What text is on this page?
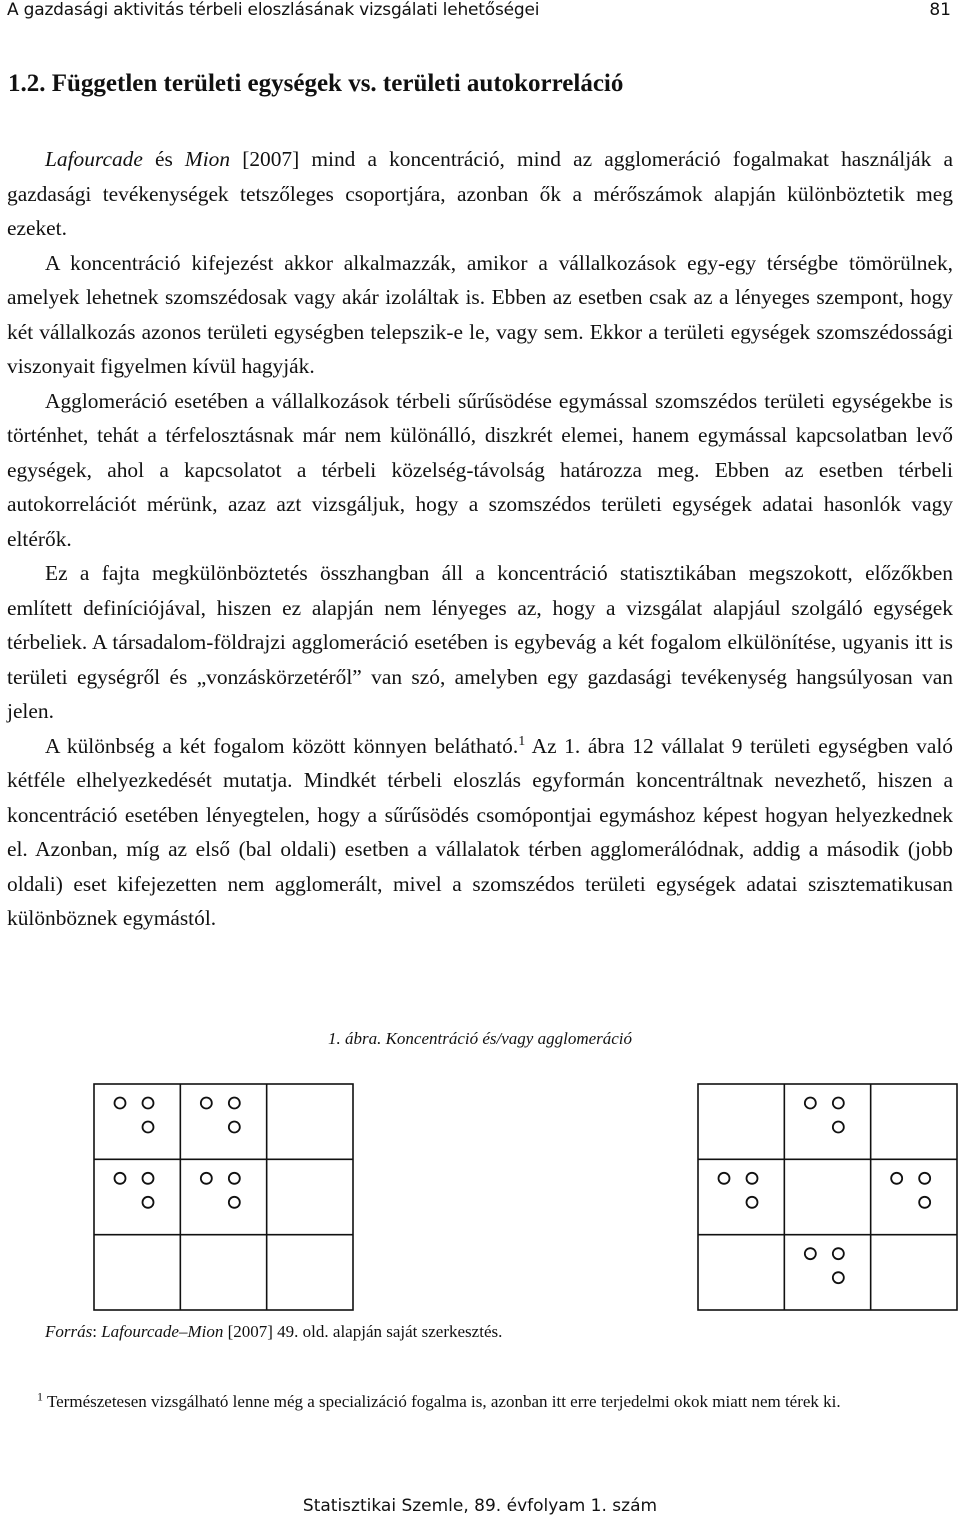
A gazdasági aktivitás térbeli eloszlásának vizsgálati lehetőségei	81
1.2. Független területi egységek vs. területi autokorreláció

Lafourcade és Mion [2007] mind a koncentráció, mind az agglomeráció fogalmakat használják a gazdasági tevékenységek tetszőleges csoportjára, azonban ők a mérőszámok alapján különböztetik meg ezeket.

A koncentráció kifejezést akkor alkalmazzák, amikor a vállalkozások egy-egy térségbe tömörülnek, amelyek lehetnek szomszédosak vagy akár izoláltak is. Ebben az esetben csak az a lényeges szempont, hogy két vállalkozás azonos területi egységben telepszik-e le, vagy sem. Ekkor a területi egységek szomszédossági viszonyait figyelmen kívül hagyják.

Agglomeráció esetében a vállalkozások térbeli sűrűsödése egymással szomszédos területi egységekbe is történhet, tehát a térfelosztásnak már nem különálló, diszkrét elemei, hanem egymással kapcsolatban levő egységek, ahol a kapcsolatot a térbeli közelség-távolság határozza meg. Ebben az esetben térbeli autokorrelációt mérünk, azaz azt vizsgáljuk, hogy a szomszédos területi egységek adatai hasonlók vagy eltérők.

Ez a fajta megkülönböztetés összhangban áll a koncentráció statisztikában megszokott, előzőkben említett definíciójával, hiszen ez alapján nem lényeges az, hogy a vizsgálat alapjául szolgáló egységek térbeliek. A társadalom-földrajzi agglomeráció esetében is egybevág a két fogalom elkülönítése, ugyanis itt is területi egységről és „vonzáskörzetéről” van szó, amelyben egy gazdasági tevékenység hangsúlyosan van jelen.

A különbség a két fogalom között könnyen belátható.$^1$ Az 1. ábra 12 vállalat 9 területi egységben való kétféle elhelyezkedését mutatja. Mindkét térbeli eloszlás egyformán koncentráltnak nevezhető, hiszen a koncentráció esetében lényegtelen, hogy a sűrűsödés csomópontjai egymáshoz képest hogyan helyezkednek el. Azonban, míg az első (bal oldali) esetben a vállalatok térben agglomerálódnak, addig a második (jobb oldali) eset kifejezetten nem agglomerált, mivel a szomszédos területi egységek adatai szisztematikusan különböznek egymástól.

1. ábra. Koncentráció és/vagy agglomeráció
Forrás: Lafourcade–Mion [2007] 49. old. alapján saját szerkesztés.

$^1$ Természetesen vizsgálható lenne még a specializáció fogalma is, azonban itt erre terjedelmi okok miatt nem térek ki.

Statisztikai Szemle, 89. évfolyam 1. szám
